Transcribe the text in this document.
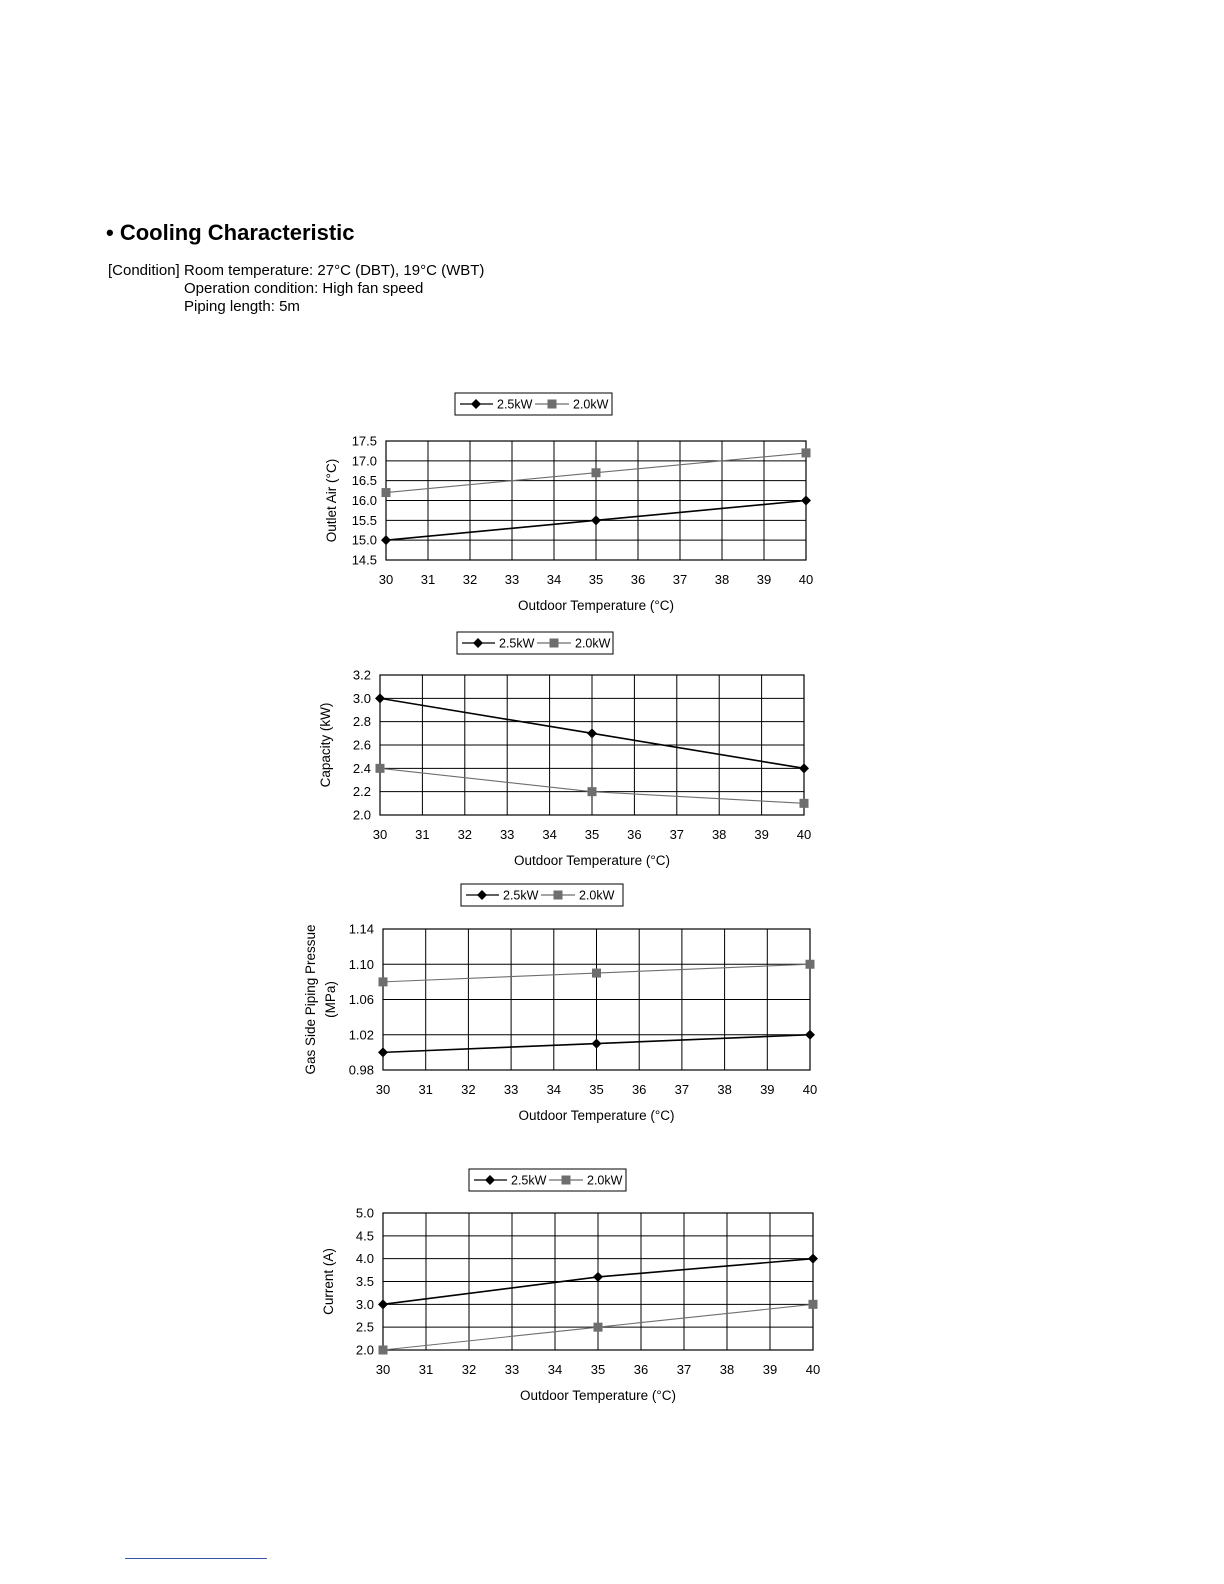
• Cooling Characteristic
[Condition] Room temperature: 27°C (DBT), 19°C (WBT)
Operation condition: High fan speed
Piping length: 5m
2.5kW	2.0kW
30 31 32 33 34 35 36 37 38 39 40
14.5
15.0
15.5
16.0
16.5
17.0
17.5
Outdoor Temperature (°C)
Outlet Air (°C)
2.5kW	2.0kW
30 31 32 33 34 35 36 37 38 39 40
2.0
2.2
2.4
2.6
2.8
3.0
3.2
Outdoor Temperature (°C)
Capacity (kW)
2.5kW	2.0kW
30 31 32 33 34 35 36 37 38 39 40
0.98
1.02
1.06
1.10
1.14
Outdoor Temperature (°C)
Gas Side Piping Pressue (MPa)
2.5kW	2.0kW
30 31 32 33 34 35 36 37 38 39 40
2.0
2.5
3.0
3.5
4.0
4.5
5.0
Outdoor Temperature (°C)
Current (A)
